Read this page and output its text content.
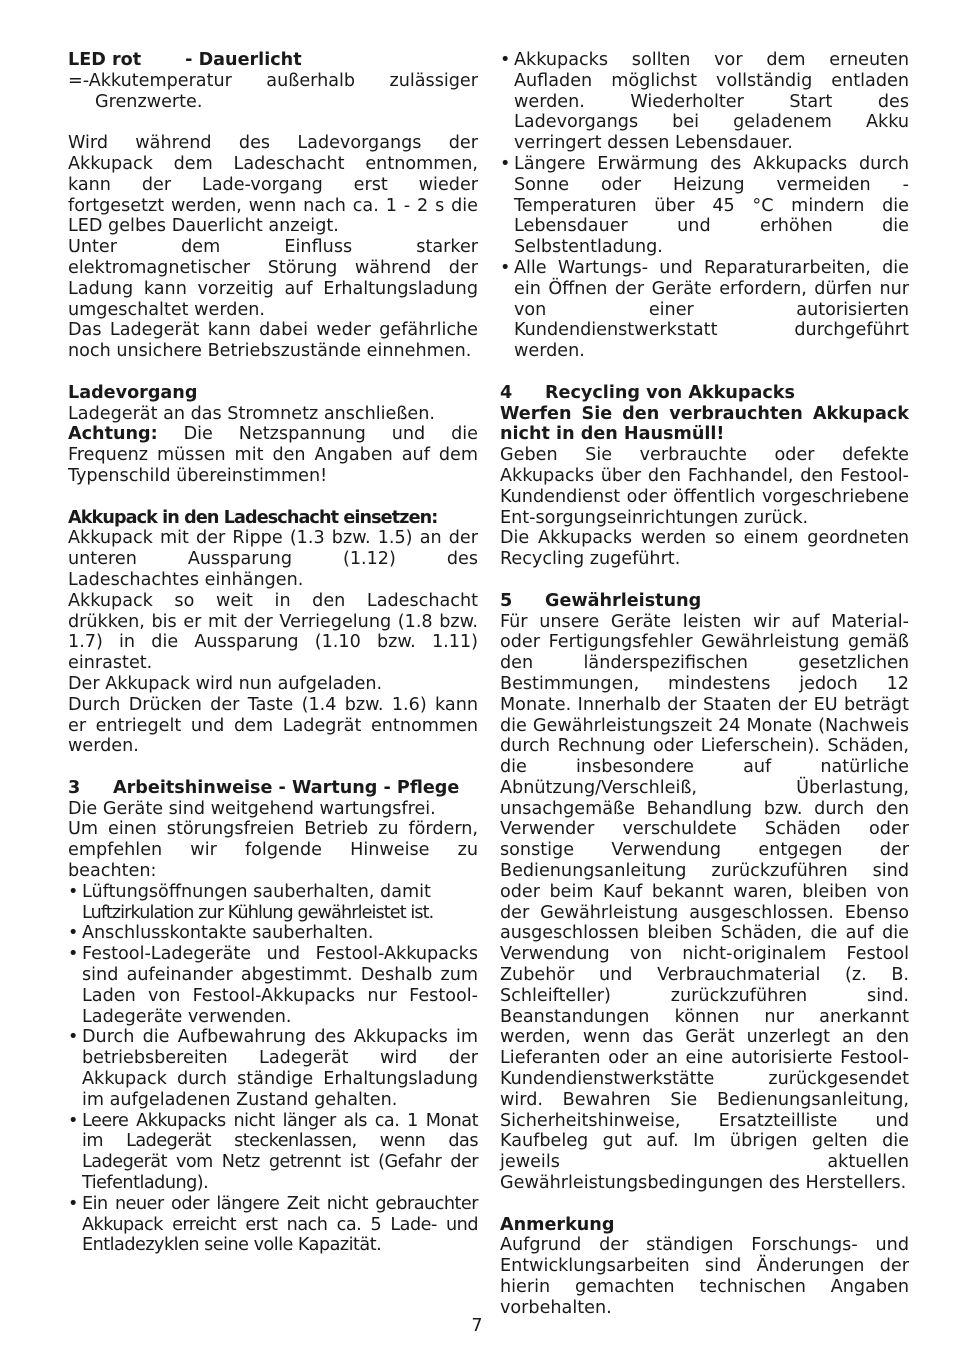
LED rot	- Dauerlicht

=-Akkutemperatur außerhalb zulässiger Grenzwerte.

Wird während des Ladevorgangs der Akkupack dem Ladeschacht entnommen, kann der Lade-vorgang erst wieder fortgesetzt werden, wenn nach ca. 1 - 2 s die LED gelbes Dauerlicht anzeigt.

Unter dem Einfluss starker elektromagnetischer Störung während der Ladung kann vorzeitig auf Erhaltungsladung umgeschaltet werden.

Das Ladegerät kann dabei weder gefährliche noch unsichere Betriebszustände einnehmen.

Ladevorgang

Ladegerät an das Stromnetz anschließen.

Achtung: Die Netzspannung und die Frequenz müssen mit den Angaben auf dem Typenschild übereinstimmen!

Akkupack in den Ladeschacht einsetzen:

Akkupack mit der Rippe (1.3 bzw. 1.5) an der unteren Aussparung (1.12) des Ladeschachtes einhängen.

Akkupack so weit in den Ladeschacht drükken, bis er mit der Verriegelung (1.8 bzw. 1.7) in die Aussparung (1.10 bzw. 1.11) einrastet.

Der Akkupack wird nun aufgeladen.

Durch Drücken der Taste (1.4 bzw. 1.6) kann er entriegelt und dem Ladegrät entnommen werden.

3	Arbeitshinweise - Wartung - Pflege

Die Geräte sind weitgehend wartungsfrei.

Um einen störungsfreien Betrieb zu fördern, empfehlen wir folgende Hinweise zu beachten:

• Lüftungsöffnungen sauberhalten, damit

Luftzirkulation zur Kühlung gewährleistet ist.

• Anschlusskontakte sauberhalten.

• Festool-Ladegeräte und Festool-Akkupacks sind aufeinander abgestimmt. Deshalb zum Laden von Festool-Akkupacks nur Festool-Ladegeräte verwenden.

• Durch die Aufbewahrung des Akkupacks im betriebsbereiten Ladegerät wird der Akkupack durch ständige Erhaltungsladung im aufgeladenen Zustand gehalten.

• Leere Akkupacks nicht länger als ca. 1 Monat im Ladegerät steckenlassen, wenn das Ladegerät vom Netz getrennt ist (Gefahr der Tiefentladung).

• Ein neuer oder längere Zeit nicht gebrauchter Akkupack erreicht erst nach ca. 5 Lade- und Entladezyklen seine volle Kapazität.

• Akkupacks sollten vor dem erneuten Aufladen möglichst vollständig entladen werden. Wiederholter Start des Ladevorgangs bei geladenem Akku verringert dessen Lebensdauer.

• Längere Erwärmung des Akkupacks durch Sonne oder Heizung vermeiden - Temperaturen über 45 °C mindern die Lebensdauer und erhöhen die Selbstentladung.

• Alle Wartungs- und Reparaturarbeiten, die ein Öffnen der Geräte erfordern, dürfen nur von einer autorisierten Kundendienstwerkstatt durchgeführt werden.

4	Recycling von Akkupacks

Werfen Sie den verbrauchten Akkupack nicht in den Hausmüll!

Geben Sie verbrauchte oder defekte Akkupacks über den Fachhandel, den Festool-Kundendienst oder öffentlich vorgeschriebene Ent-sorgungseinrichtungen zurück.

Die Akkupacks werden so einem geordneten Recycling zugeführt.

5	Gewährleistung

Für unsere Geräte leisten wir auf Material- oder Fertigungsfehler Gewährleistung gemäß den länderspezifischen gesetzlichen Bestimmungen, mindestens jedoch 12 Monate. Innerhalb der Staaten der EU beträgt die Gewährleistungszeit 24 Monate (Nachweis durch Rechnung oder Lieferschein). Schäden, die insbesondere auf natürliche Abnützung/Verschleiß, Überlastung, unsachgemäße Behandlung bzw. durch den Verwender verschuldete Schäden oder sonstige Verwendung entgegen der Bedienungsanleitung zurückzuführen sind oder beim Kauf bekannt waren, bleiben von der Gewährleistung ausgeschlossen. Ebenso ausgeschlossen bleiben Schäden, die auf die Verwendung von nicht-originalem Festool Zubehör und Verbrauchmaterial (z. B. Schleifteller) zurückzuführen sind. Beanstandungen können nur anerkannt werden, wenn das Gerät unzerlegt an den Lieferanten oder an eine autorisierte Festool-Kundendienstwerkstätte zurückgesendet wird. Bewahren Sie Bedienungsanleitung, Sicherheitshinweise, Ersatzteilliste und Kaufbeleg gut auf. Im übrigen gelten die jeweils aktuellen Gewährleistungsbedingungen des Herstellers.

Anmerkung

Aufgrund der ständigen Forschungs- und Entwicklungsarbeiten sind Änderungen der hierin gemachten technischen Angaben vorbehalten.

7
